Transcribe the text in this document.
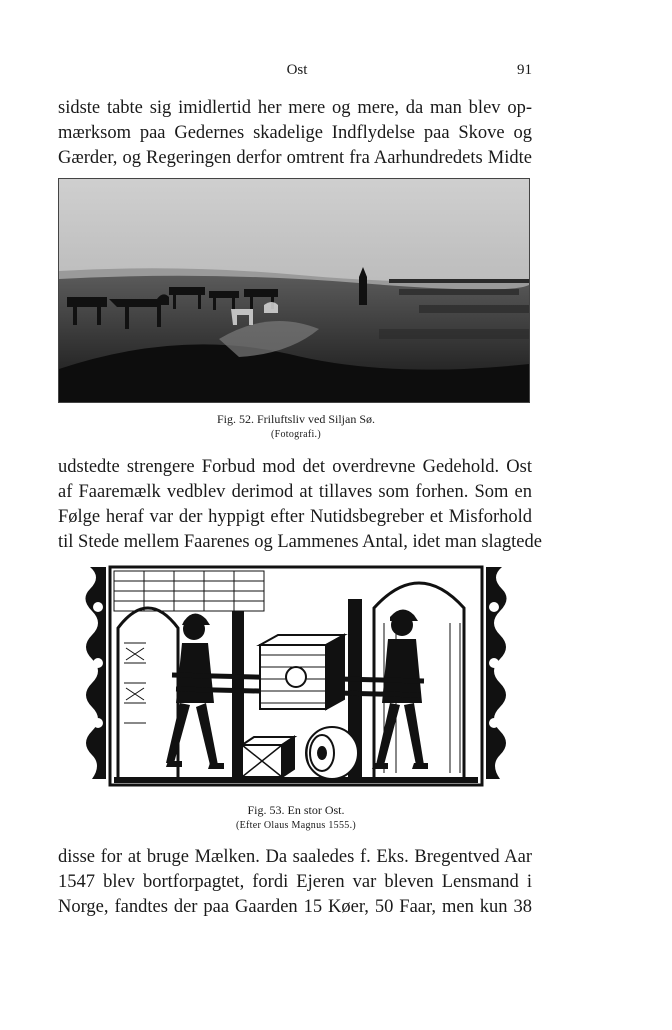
Ost	91
sidste tabte sig imidlertid her mere og mere, da man blev op-
mærksom paa Gedernes skadelige Indflydelse paa Skove og
Gærder, og Regeringen derfor omtrent fra Aarhundredets Midte
Fig. 52. Friluftsliv ved Siljan Sø.
(Fotografi.)
udstedte strengere Forbud mod det overdrevne Gedehold. Ost
af Faaremælk vedblev derimod at tillaves som forhen. Som en
Følge heraf var der hyppigt efter Nutidsbegreber et Misforhold
til Stede mellem Faarenes og Lammenes Antal, idet man slagtede
Fig. 53. En stor Ost.
(Efter Olaus Magnus 1555.)
disse for at bruge Mælken. Da saaledes f. Eks. Bregentved Aar
1547 blev bortforpagtet, fordi Ejeren var bleven Lensmand i
Norge, fandtes der paa Gaarden 15 Køer, 50 Faar, men kun 38
